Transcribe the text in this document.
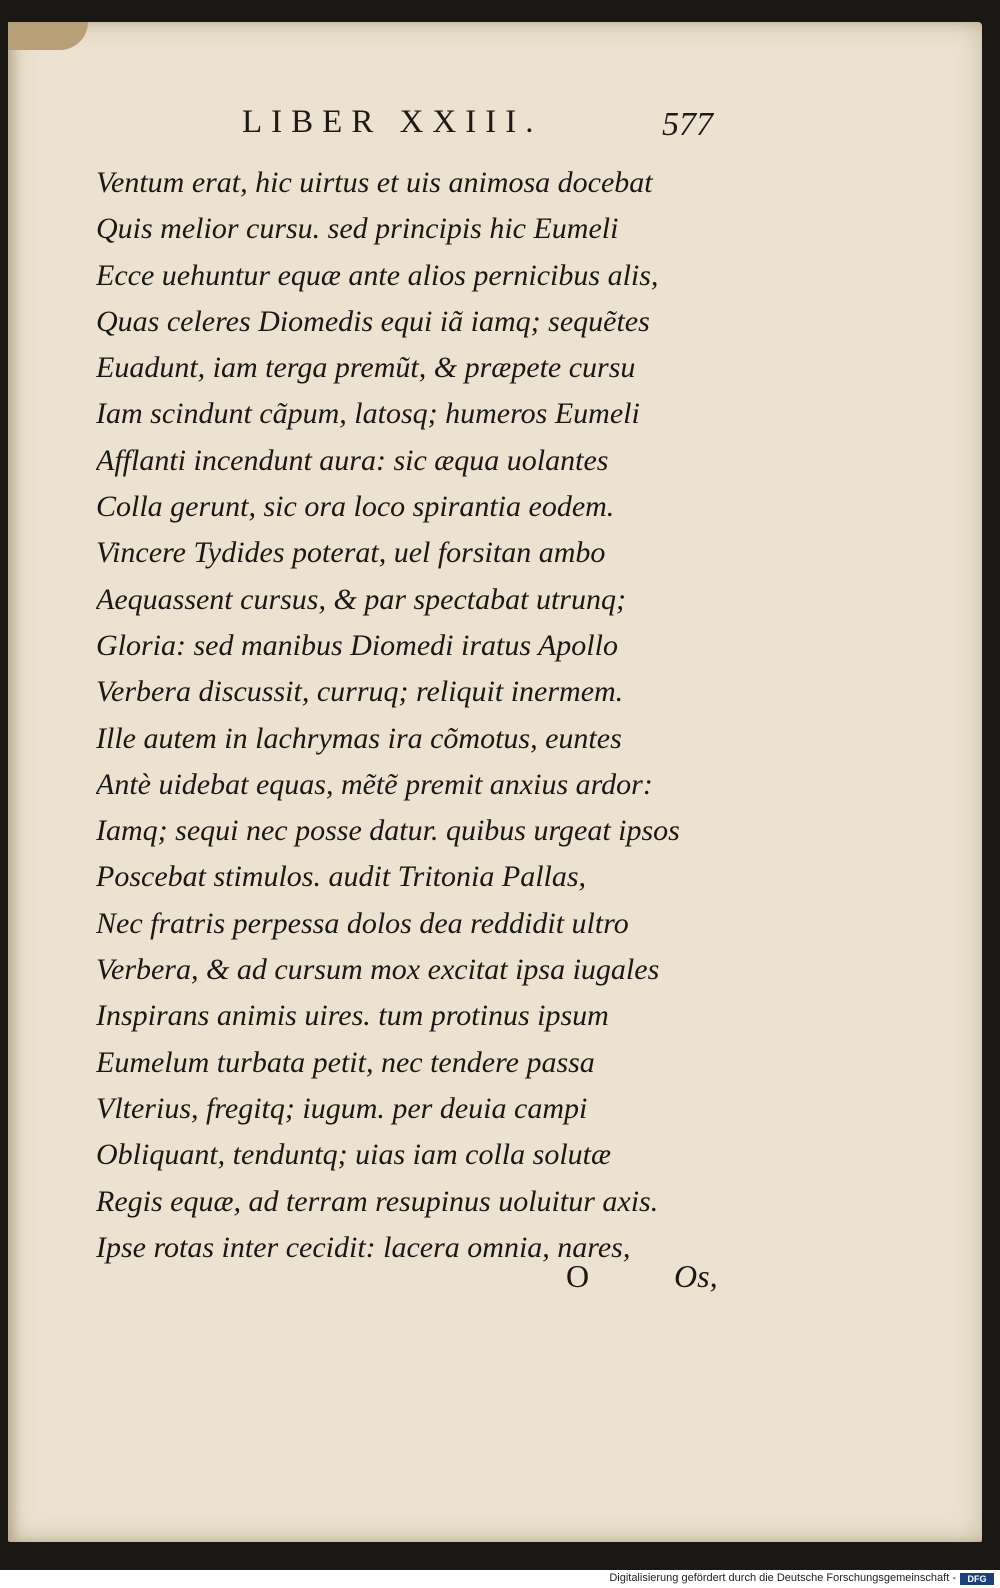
LIBER XXIII.	577
Ventum erat, hic uirtus et uis animosa docebat
Quis melior cursu. sed principis hic Eumeli
Ecce uehuntur equæ ante alios pernicibus alis,
Quas celeres Diomedis equi iã iamq; sequẽtes
Euadunt, iam terga premũt, & præpete cursu
Iam scindunt cãpum, latosq; humeros Eumeli
Afflanti incendunt aura: sic æqua uolantes
Colla gerunt, sic ora loco spirantia eodem.
Vincere Tydides poterat, uel forsitan ambo
Aequassent cursus, & par spectabat utrunq;
Gloria: sed manibus Diomedi iratus Apollo
Verbera discussit, curruq; reliquit inermem.
Ille autem in lachrymas ira cõmotus, euntes
Antè uidebat equas, mẽtẽ premit anxius ardor:
Iamq; sequi nec posse datur. quibus urgeat ipsos
Poscebat stimulos. audit Tritonia Pallas,
Nec fratris perpessa dolos dea reddidit ultro
Verbera, & ad cursum mox excitat ipsa iugales
Inspirans animis uires. tum protinus ipsum
Eumelum turbata petit, nec tendere passa
Vlterius, fregitq; iugum. per deuia campi
Obliquant, tenduntq; uias iam colla solutæ
Regis equæ, ad terram resupinus uoluitur axis.
Ipse rotas inter cecidit: lacera omnia, nares,
O	Os,
Digitalisierung gefördert durch die Deutsche Forschungsgemeinschaft -	DFG
